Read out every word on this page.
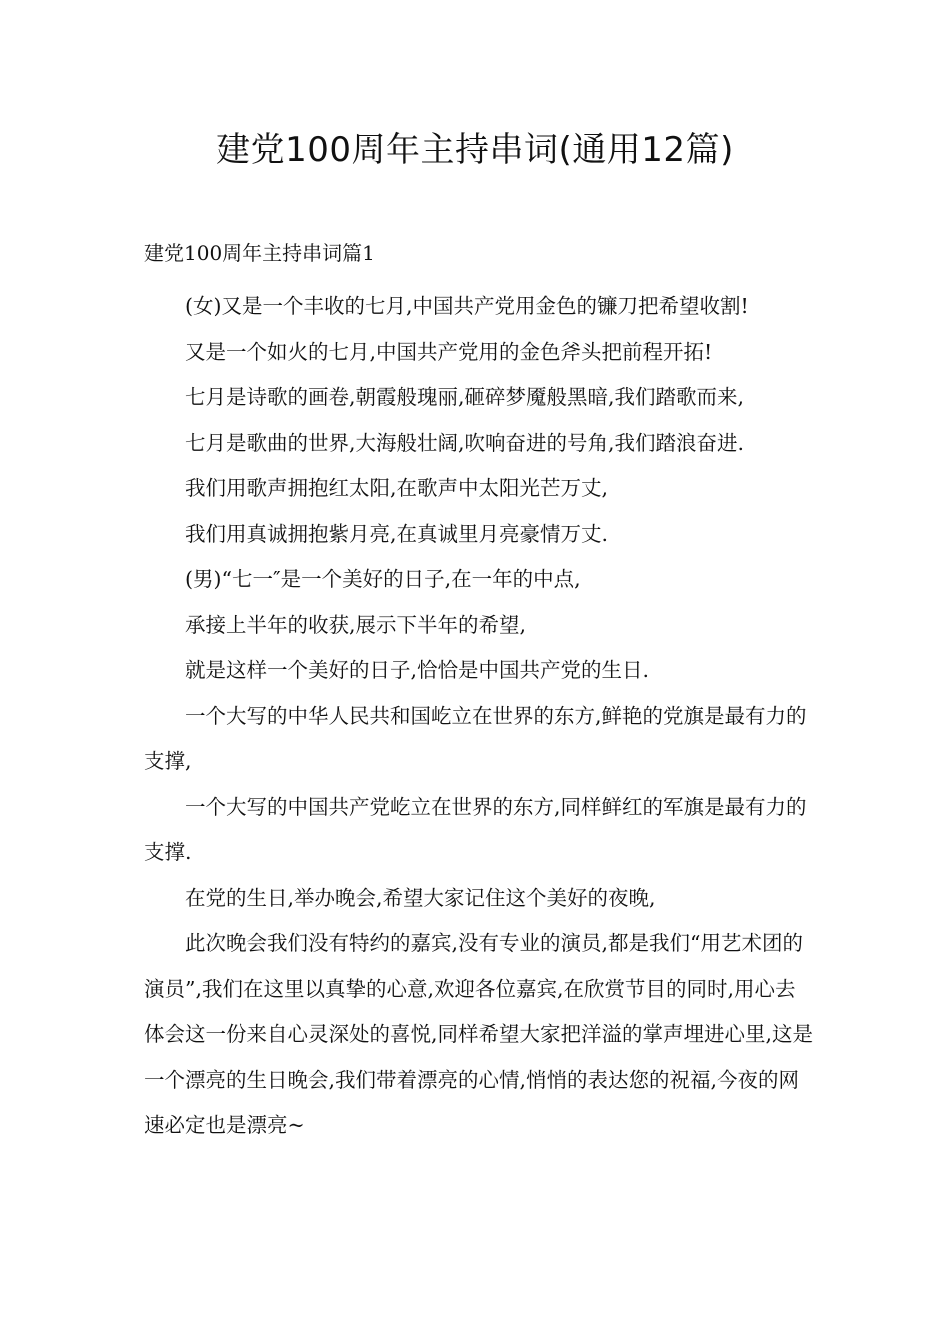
建党100周年主持串词(通用12篇)
建党100周年主持串词篇1

(女)又是一个丰收的七月,中国共产党用金色的镰刀把希望收割!

又是一个如火的七月,中国共产党用的金色斧头把前程开拓!

七月是诗歌的画卷,朝霞般瑰丽,砸碎梦魇般黑暗,我们踏歌而来,

七月是歌曲的世界,大海般壮阔,吹响奋进的号角,我们踏浪奋进.

我们用歌声拥抱红太阳,在歌声中太阳光芒万丈,

我们用真诚拥抱紫月亮,在真诚里月亮豪情万丈.

(男)“七一″是一个美好的日子,在一年的中点,

承接上半年的收获,展示下半年的希望,

就是这样一个美好的日子,恰恰是中国共产党的生日.

一个大写的中华人民共和国屹立在世界的东方,鲜艳的党旗是最有力的支撑,

一个大写的中国共产党屹立在世界的东方,同样鲜红的军旗是最有力的支撑.

在党的生日,举办晚会,希望大家记住这个美好的夜晚,

此次晚会我们没有特约的嘉宾,没有专业的演员,都是我们“用艺术团的演员”,我们在这里以真挚的心意,欢迎各位嘉宾,在欣赏节目的同时,用心去体会这一份来自心灵深处的喜悦,同样希望大家把洋溢的掌声埋进心里,这是一个漂亮的生日晚会,我们带着漂亮的心情,悄悄的表达您的祝福,今夜的网速必定也是漂亮~
